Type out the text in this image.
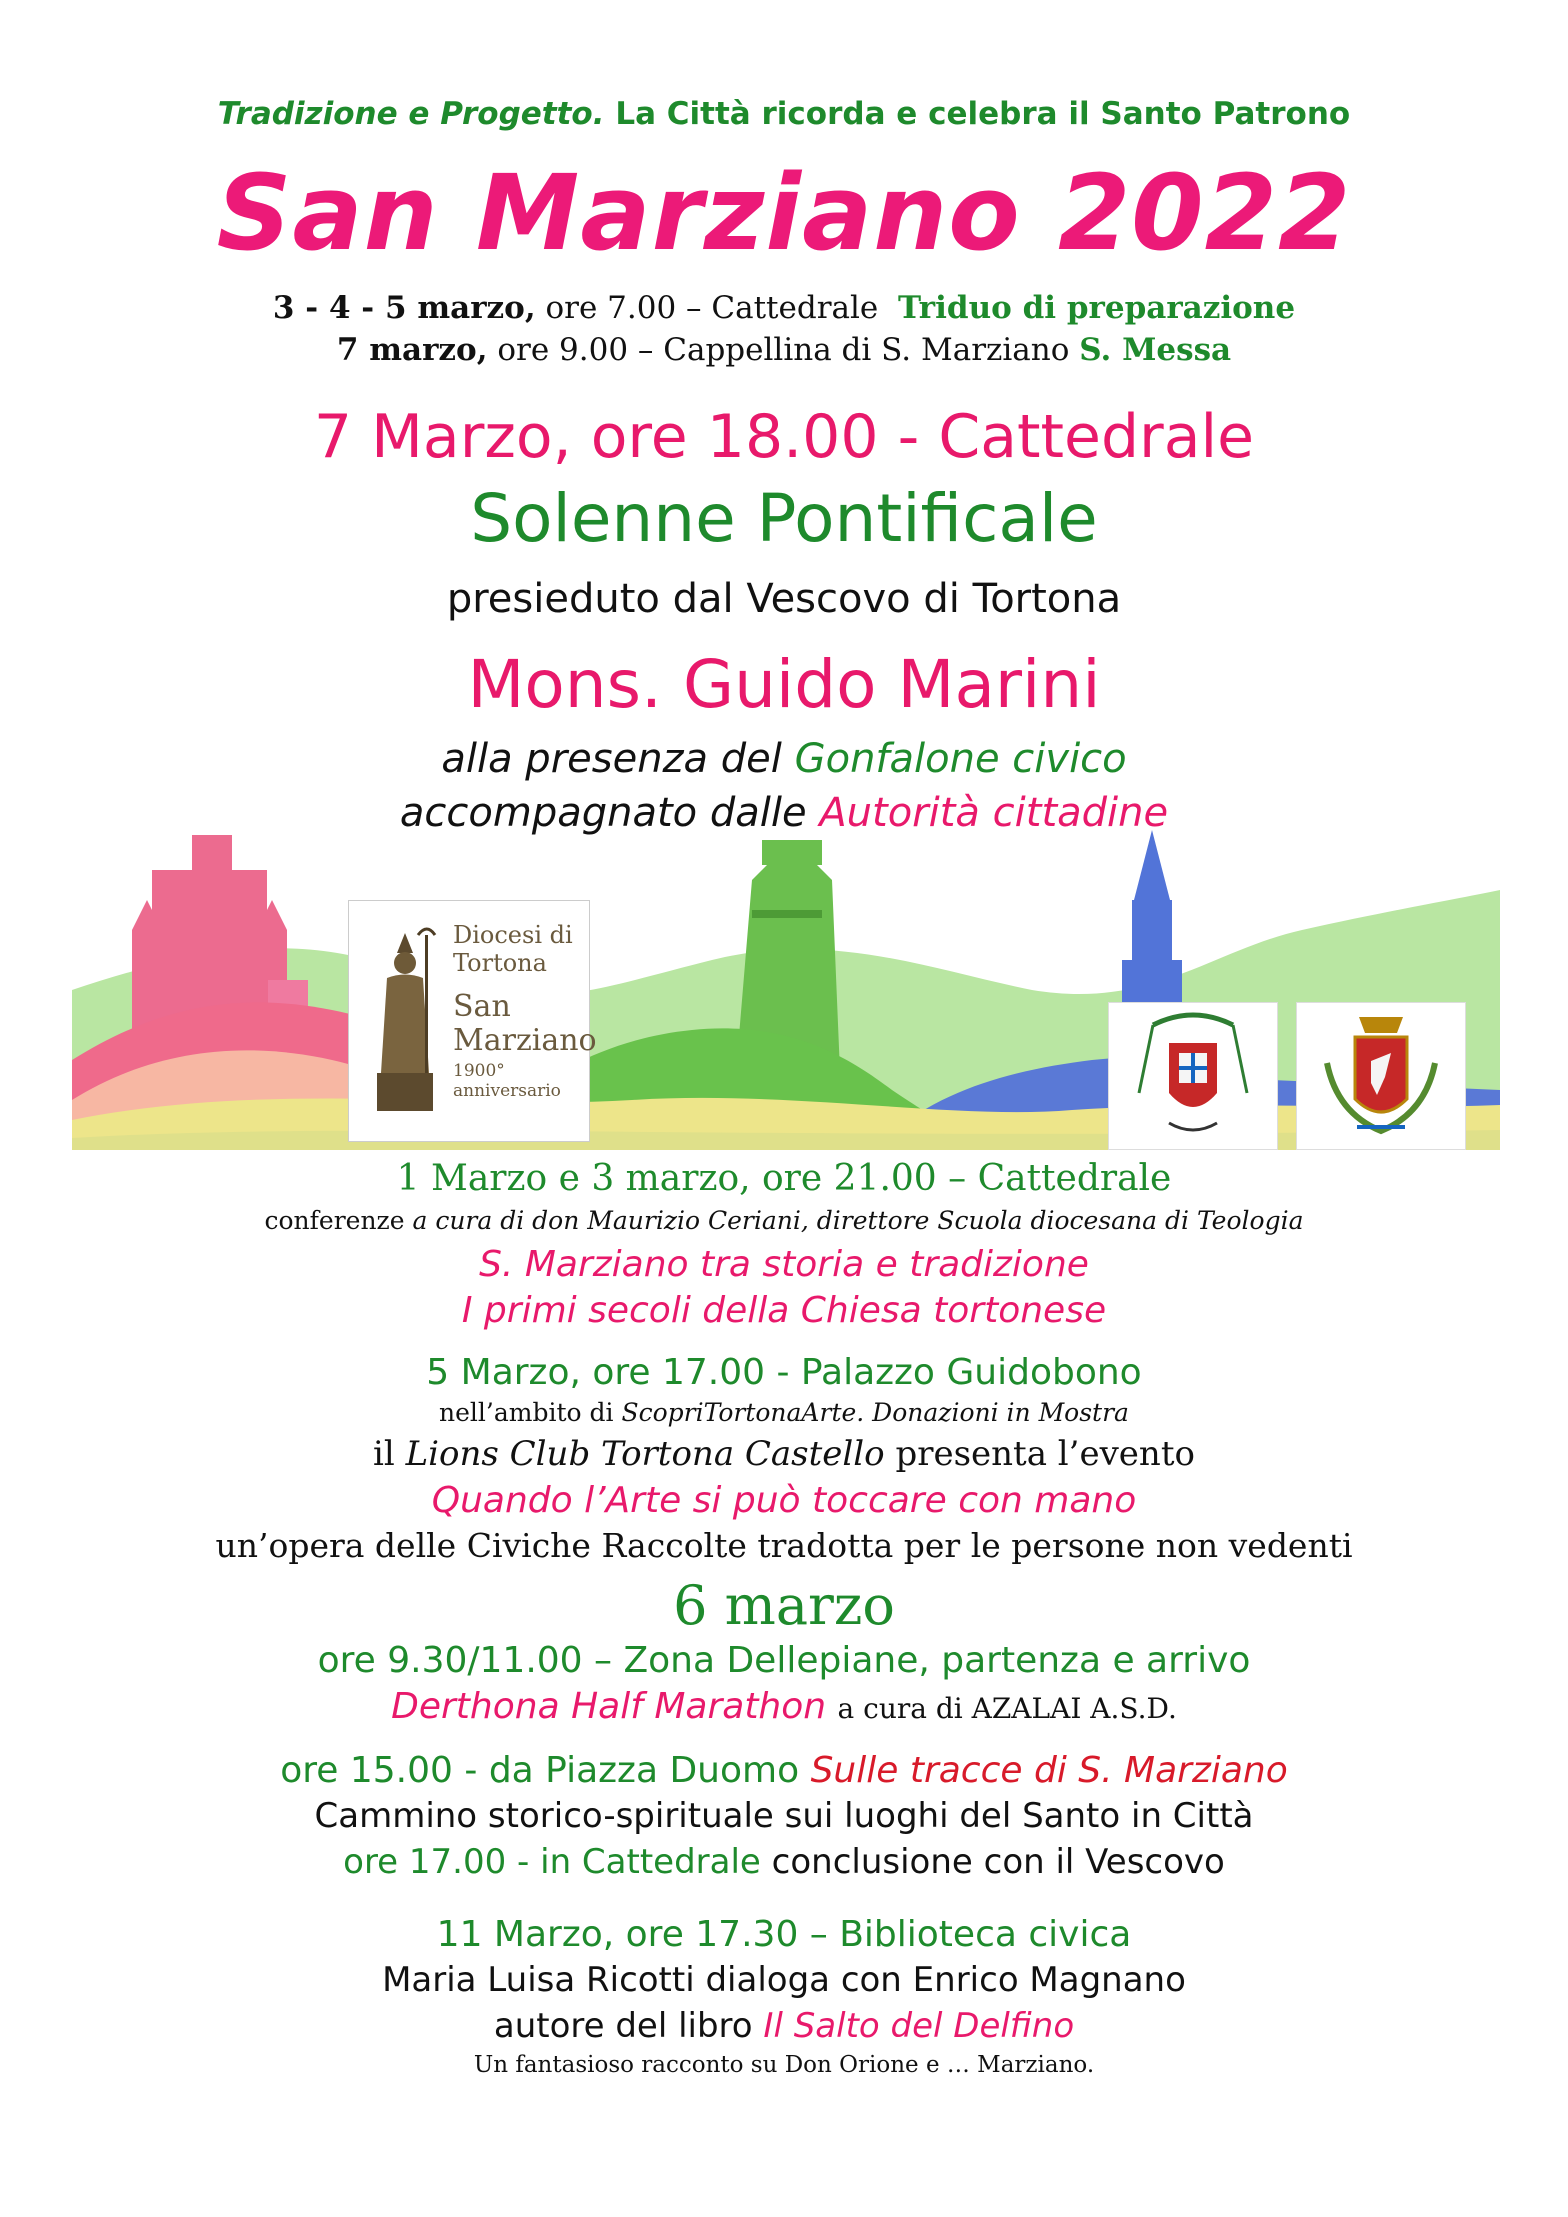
Tradizione e Progetto. La Città ricorda e celebra il Santo Patrono
San Marziano 2022
3 - 4 - 5 marzo, ore 7.00 – Cattedrale Triduo di preparazione
7 marzo, ore 9.00 – Cappellina di S. Marziano S. Messa
7 Marzo, ore 18.00 - Cattedrale
Solenne Pontificale
presieduto dal Vescovo di Tortona
Mons. Guido Marini
alla presenza del Gonfalone civico
accompagnato dalle Autorità cittadine
Diocesi di
Tortona
San
Marziano
1900°
anniversario
1 Marzo e 3 marzo, ore 21.00 – Cattedrale
conferenze a cura di don Maurizio Ceriani, direttore Scuola diocesana di Teologia
S. Marziano tra storia e tradizione
I primi secoli della Chiesa tortonese
5 Marzo, ore 17.00 - Palazzo Guidobono
nell’ambito di ScopriTortonaArte. Donazioni in Mostra
il Lions Club Tortona Castello presenta l’evento
Quando l’Arte si può toccare con mano
un’opera delle Civiche Raccolte tradotta per le persone non vedenti
6 marzo
ore 9.30/11.00 – Zona Dellepiane, partenza e arrivo
Derthona Half Marathon a cura di AZALAI A.S.D.
ore 15.00 - da Piazza Duomo Sulle tracce di S. Marziano
Cammino storico-spirituale sui luoghi del Santo in Città
ore 17.00 - in Cattedrale conclusione con il Vescovo
11 Marzo, ore 17.30 – Biblioteca civica
Maria Luisa Ricotti dialoga con Enrico Magnano
autore del libro Il Salto del Delfino
Un fantasioso racconto su Don Orione e … Marziano.
